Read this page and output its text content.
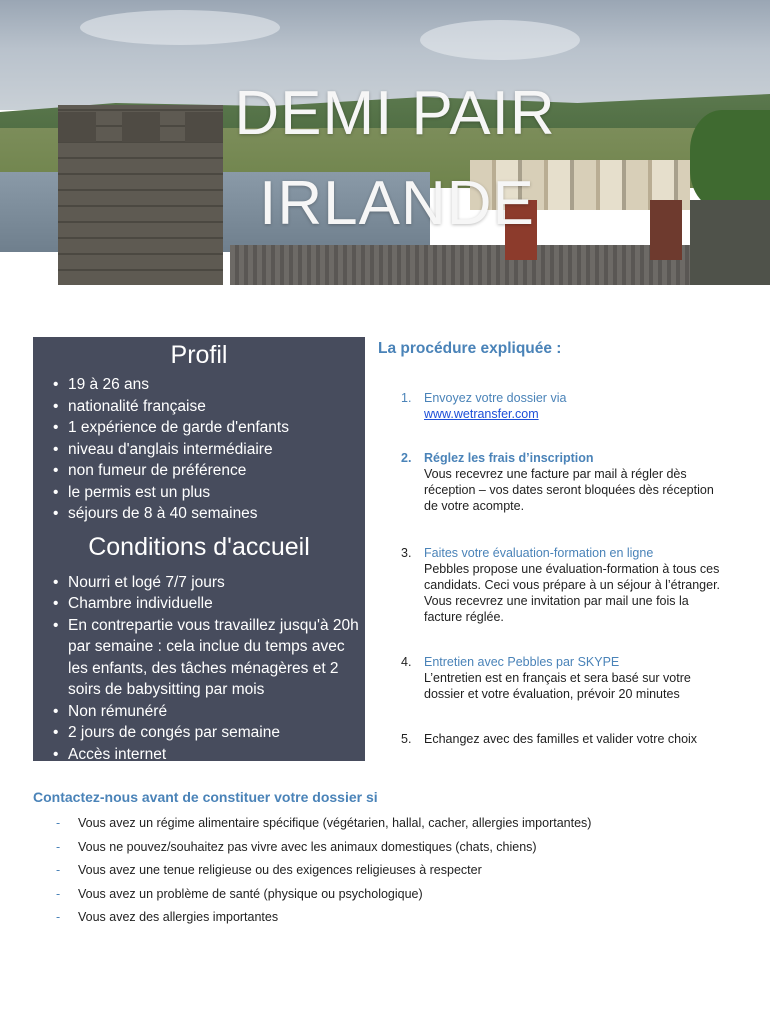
DEMI PAIR
IRLANDE
Profil
• 19 à 26 ans
• nationalité française
• 1 expérience de garde d'enfants
• niveau d'anglais intermédiaire
• non fumeur de préférence
• le permis est un plus
• séjours de 8 à 40 semaines
Conditions d'accueil
• Nourri et logé 7/7 jours
• Chambre individuelle
• En contrepartie vous travaillez jusqu'à 20h par semaine : cela inclue du temps avec les enfants, des tâches ménagères et 2 soirs de babysitting par mois
• Non rémunéré
• 2 jours de congés par semaine
• Accès internet
La procédure expliquée :
1. Envoyez votre dossier via
www.wetransfer.com
2. Réglez les frais d’inscription
Vous recevrez une facture par mail à régler dès réception – vos dates seront bloquées dès réception de votre acompte.
3. Faites votre évaluation-formation en ligne
Pebbles propose une évaluation-formation à tous ces candidats. Ceci vous prépare à un séjour à l’étranger. Vous recevrez une invitation par mail une fois la facture réglée.
4. Entretien avec Pebbles par SKYPE
L’entretien est en français et sera basé sur votre dossier et votre évaluation, prévoir 20 minutes
5. Echangez avec des familles et valider votre choix
Contactez-nous avant de constituer votre dossier si
- Vous avez un régime alimentaire spécifique (végétarien, hallal, cacher, allergies importantes)
- Vous ne pouvez/souhaitez pas vivre avec les animaux domestiques (chats, chiens)
- Vous avez une tenue religieuse ou des exigences religieuses à respecter
- Vous avez un problème de santé (physique ou psychologique)
- Vous avez des allergies importantes
